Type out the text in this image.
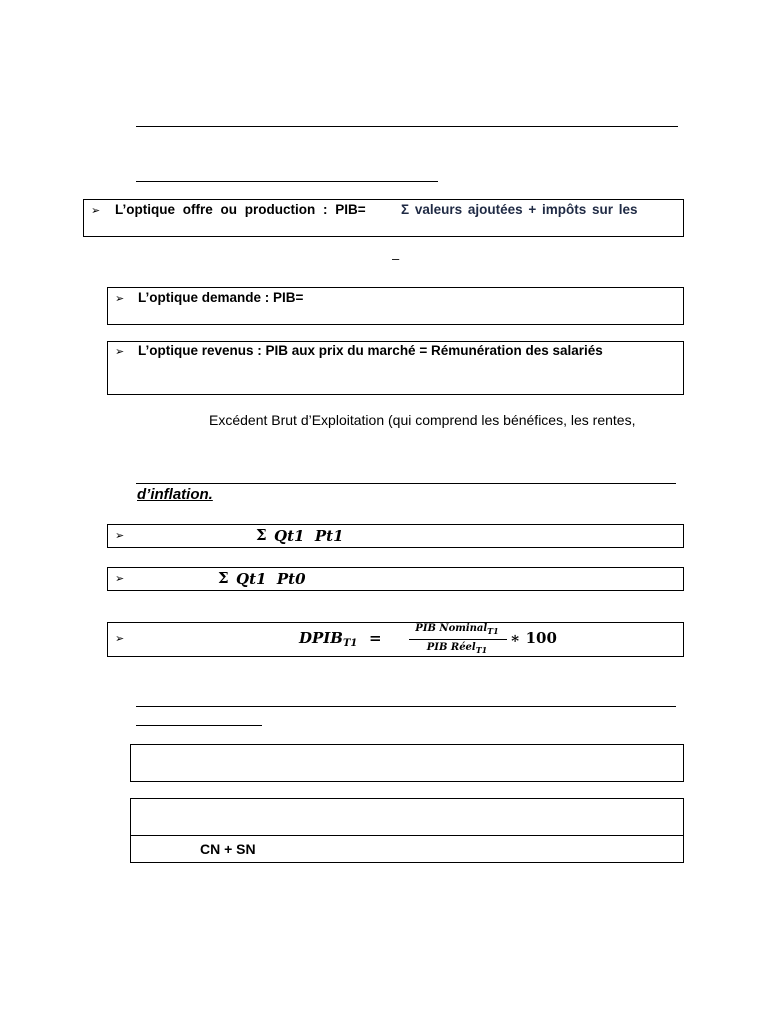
➢ L’optique offre ou production : PIB=	Σ valeurs ajoutées + impôts sur les
–
➢ L’optique demande : PIB=
➢ L’optique revenus : PIB aux prix du marché = Rémunération des salariés
Excédent Brut d’Exploitation (qui comprend les bénéfices, les rentes,
d’inflation.
➢	Σ Qt1  Pt1
➢	Σ Qt1  Pt0
➢	$DPIB_{T1}$ =
PIB Nominal$_{T1}$
PIB Réel$_{T1}$
∗ 100
CN + SN
